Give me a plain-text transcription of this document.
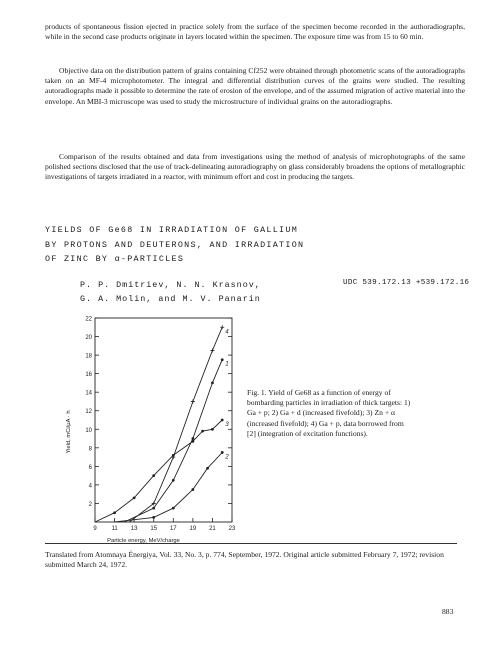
products of spontaneous fission ejected in practice solely from the surface of the specimen become recorded in the authoradiographs, while in the second case products originate in layers located within the specimen. The exposure time was from 15 to 60 min.

Objective data on the distribution pattern of grains containing Cf252 were obtained through photometric scans of the autoradiographs taken on an MF-4 microphotometer. The integral and differential distribution curves of the grains were studied. The resulting autoradiographs made it possible to determine the rate of erosion of the envelope, and of the assumed migration of active material into the envelope. An MBI-3 microscope was used to study the microstructure of individual grains on the autoradiographs.

Comparison of the results obtained and data from investigations using the method of analysis of microphotographs of the same polished sections disclosed that the use of track-delineating autoradiography on glass considerably broadens the options of metallographic investigations of targets irradiated in a reactor, with minimum effort and cost in producing the targets.

YIELDS OF Ge68 IN IRRADIATION OF GALLIUM
BY PROTONS AND DEUTERONS, AND IRRADIATION
OF ZINC BY α-PARTICLES
P. P. Dmitriev, N. N. Krasnov,
G. A. Molin, and M. V. Panarin
UDC 539.172.13 +539.172.16
2
4
6
8
10
12
14
16
18
20
22
9 11 13 15 17 19 21 23
Particle energy, MeV/charge
Yield, mCi/μA · h
1
2
3
4
Fig. 1. Yield of Ge68 as a function of energy of bombarding particles in irradiation of thick targets: 1) Ga + p; 2) Ga + d (increased fivefold); 3) Zn + α (increased fivefold); 4) Ga + p, data borrowed from [2] (integration of excitation functions).
Translated from Atomnaya Énergiya, Vol. 33, No. 3, p. 774, September, 1972. Original article submitted February 7, 1972; revision submitted March 24, 1972.
883
